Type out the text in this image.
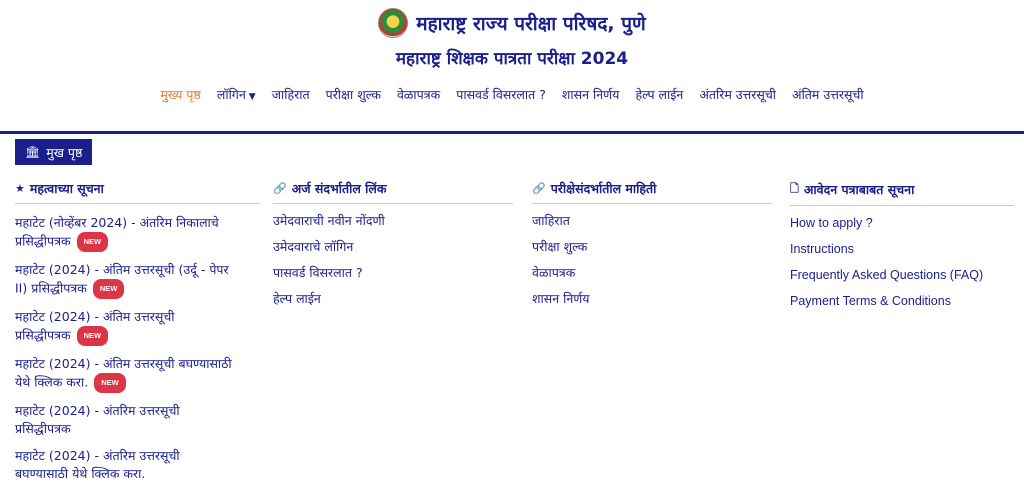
महाराष्ट्र राज्य परीक्षा परिषद, पुणे
महाराष्ट्र शिक्षक पात्रता परीक्षा 2024
मुख्य पृष्ठ लॉगिन ▼ जाहिरात परीक्षा शुल्क वेळापत्रक पासवर्ड विसरलात ? शासन निर्णय हेल्प लाईन अंतरिम उत्तरसूची अंतिम उत्तरसूची
🏛 मुख पृष्ठ
★ महत्वाच्या सूचना
महाटेट (नोव्हेंबर 2024) - अंतरिम निकालाचे
प्रसिद्धीपत्रक NEW
महाटेट (2024) - अंतिम उत्तरसूची (उर्दू - पेपर
II) प्रसिद्धीपत्रक NEW
महाटेट (2024) - अंतिम उत्तरसूची
प्रसिद्धीपत्रक NEW
महाटेट (2024) - अंतिम उत्तरसूची बघण्यासाठी
येथे क्लिक करा. NEW
महाटेट (2024) - अंतरिम उत्तरसूची
प्रसिद्धीपत्रक
महाटेट (2024) - अंतरिम उत्तरसूची
बघण्यासाठी येथे क्लिक करा.
🔗 अर्ज संदर्भातील लिंक
उमेदवाराची नवीन नोंदणी
उमेदवाराचे लॉगिन
पासवर्ड विसरलात ?
हेल्प लाईन
🔗 परीक्षेसंदर्भातील माहिती
जाहिरात
परीक्षा शुल्क
वेळापत्रक
शासन निर्णय
🗋 आवेदन पत्राबाबत सूचना
How to apply ?
Instructions
Frequently Asked Questions (FAQ)
Payment Terms & Conditions
